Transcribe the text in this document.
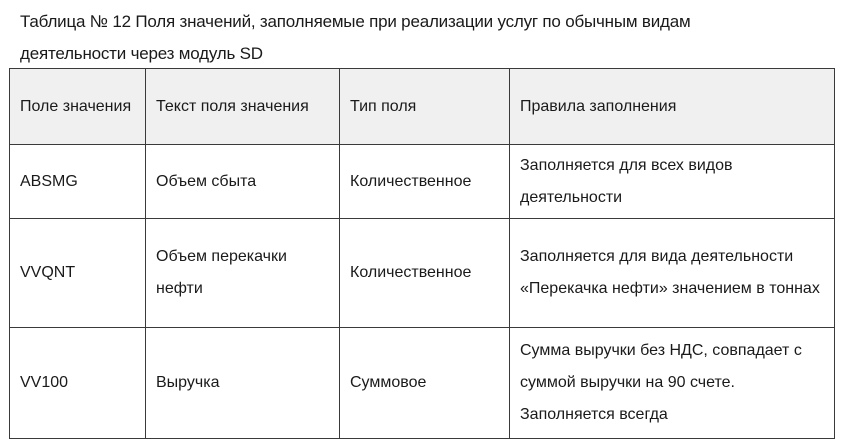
Таблица № 12 Поля значений, заполняемые при реализации услуг по обычным видам
деятельности через модуль SD
Поле значения	Текст поля значения	Тип поля	Правила заполнения
ABSMG	Объем сбыта	Количественное	Заполняется для всех видов деятельности
VVQNT	Объем перекачки нефти	Количественное	Заполняется для вида деятельности «Перекачка нефти» значением в тоннах
VV100	Выручка	Суммовое	Сумма выручки без НДС, совпадает с суммой выручки на 90 счете. Заполняется всегда
